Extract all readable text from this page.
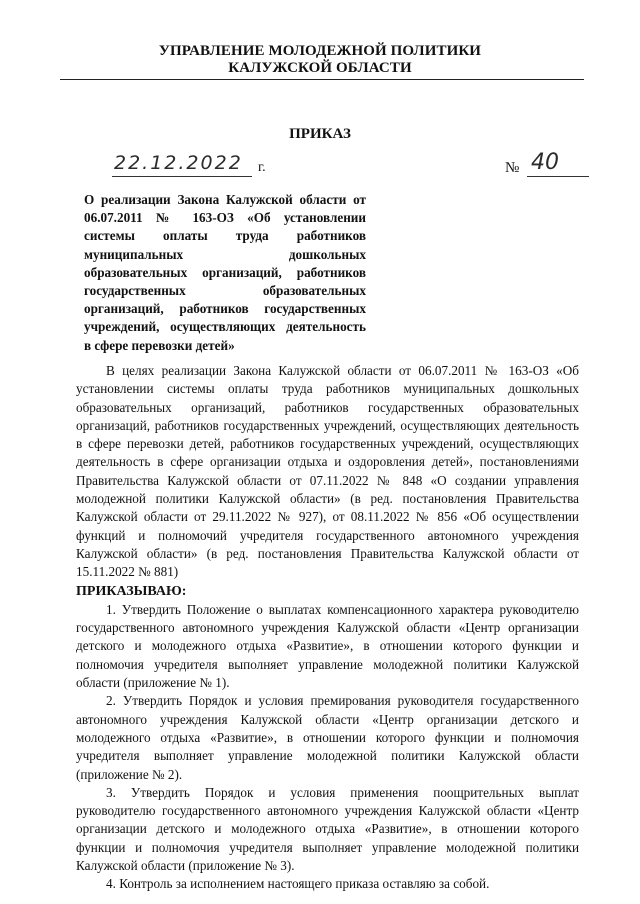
УПРАВЛЕНИЕ МОЛОДЕЖНОЙ ПОЛИТИКИ
КАЛУЖСКОЙ ОБЛАСТИ
ПРИКАЗ
22.12.2022 г.	№ 40

О реализации Закона Калужской области от

06.07.2011 № 163-ОЗ «Об установлении

системы оплаты труда работников

муниципальных дошкольных

образовательных организаций, работников

государственных образовательных

организаций, работников государственных

учреждений, осуществляющих деятельность

в сфере перевозки детей»

В целях реализации Закона Калужской области от 06.07.2011 № 163-ОЗ «Об установлении системы оплаты труда работников муниципальных дошкольных образовательных организаций, работников государственных образовательных организаций, работников государственных учреждений, осуществляющих деятельность в сфере перевозки детей, работников государственных учреждений, осуществляющих деятельность в сфере организации отдыха и оздоровления детей», постановлениями Правительства Калужской области от 07.11.2022 № 848 «О создании управления молодежной политики Калужской области» (в ред. постановления Правительства Калужской области от 29.11.2022 № 927), от 08.11.2022 № 856 «Об осуществлении функций и полномочий учредителя государственного автономного учреждения Калужской области» (в ред. постановления Правительства Калужской области от 15.11.2022 № 881)

ПРИКАЗЫВАЮ:

1. Утвердить Положение о выплатах компенсационного характера руководителю государственного автономного учреждения Калужской области «Центр организации детского и молодежного отдыха «Развитие», в отношении которого функции и полномочия учредителя выполняет управление молодежной политики Калужской области (приложение № 1).

2. Утвердить Порядок и условия премирования руководителя государственного автономного учреждения Калужской области «Центр организации детского и молодежного отдыха «Развитие», в отношении которого функции и полномочия учредителя выполняет управление молодежной политики Калужской области (приложение № 2).

3. Утвердить Порядок и условия применения поощрительных выплат руководителю государственного автономного учреждения Калужской области «Центр организации детского и молодежного отдыха «Развитие», в отношении которого функции и полномочия учредителя выполняет управление молодежной политики Калужской области (приложение № 3).

4. Контроль за исполнением настоящего приказа оставляю за собой.
